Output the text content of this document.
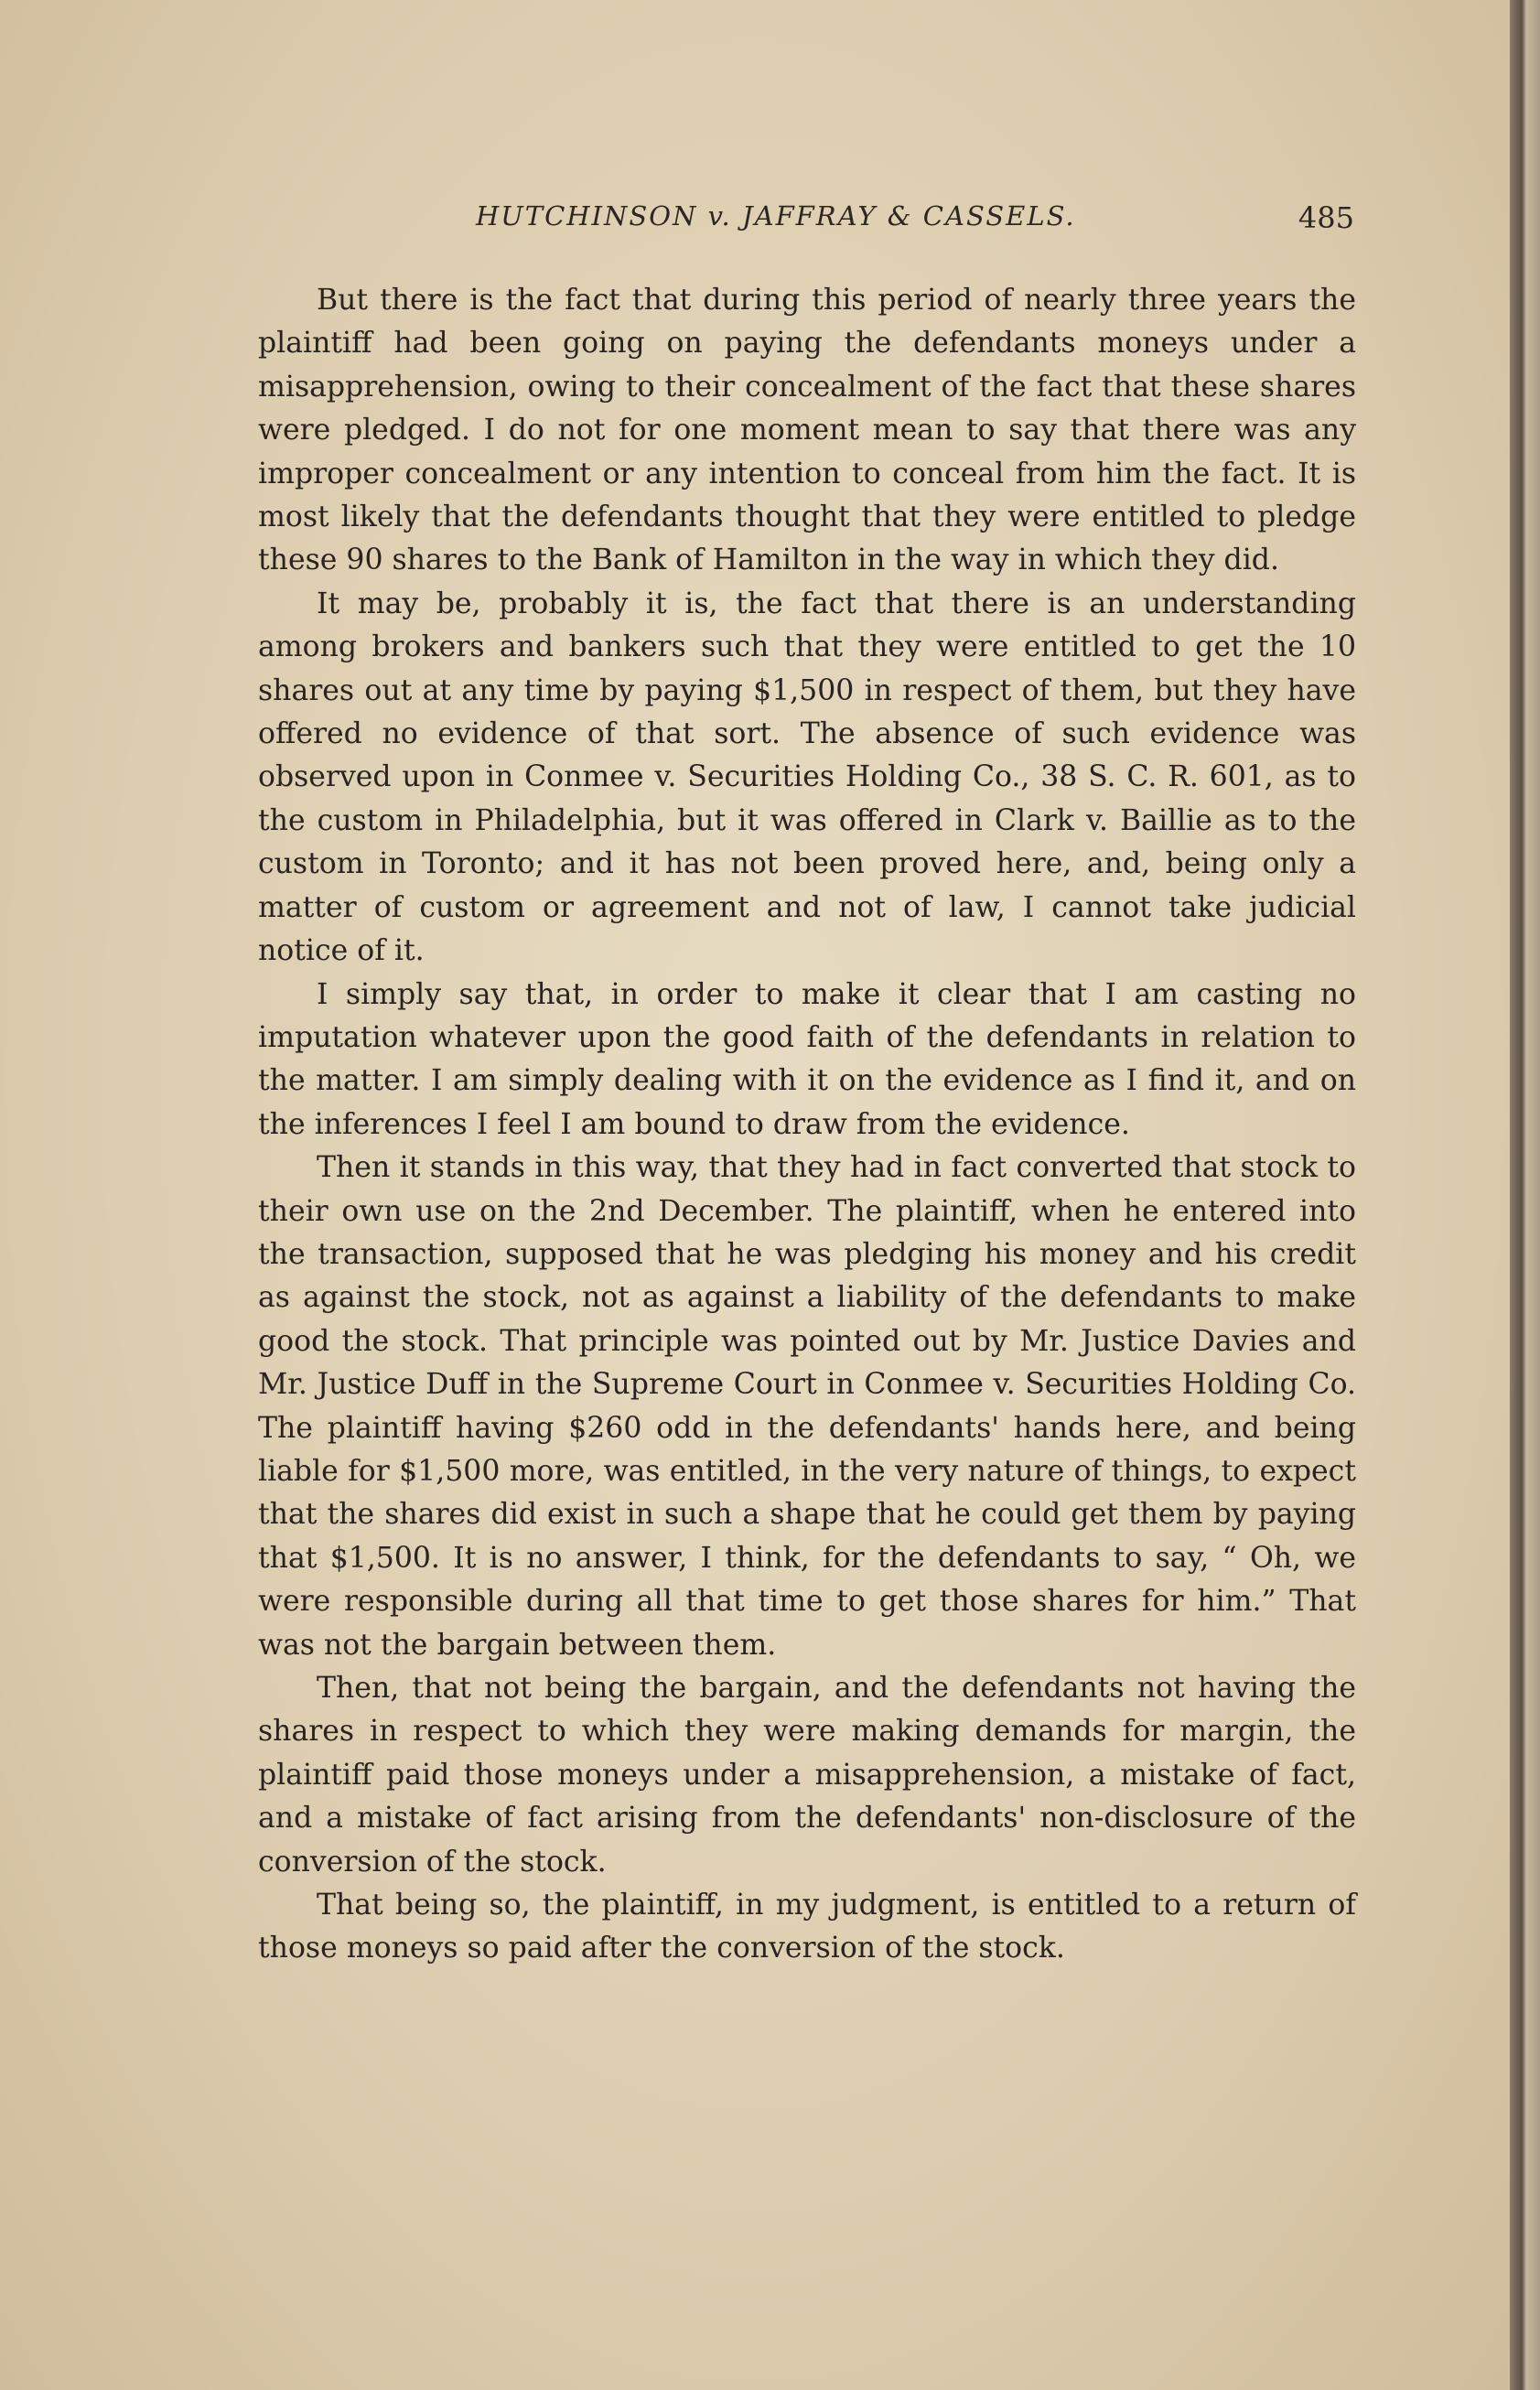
HUTCHINSON v. JAFFRAY & CASSELS.	485

But there is the fact that during this period of nearly three years the plaintiff had been going on paying the defendants moneys under a misapprehension, owing to their concealment of the fact that these shares were pledged. I do not for one moment mean to say that there was any improper concealment or any intention to conceal from him the fact. It is most likely that the defendants thought that they were entitled to pledge these 90 shares to the Bank of Hamilton in the way in which they did.

It may be, probably it is, the fact that there is an understanding among brokers and bankers such that they were entitled to get the 10 shares out at any time by paying $1,500 in respect of them, but they have offered no evidence of that sort. The absence of such evidence was observed upon in Conmee v. Securities Holding Co., 38 S. C. R. 601, as to the custom in Philadelphia, but it was offered in Clark v. Baillie as to the custom in Toronto; and it has not been proved here, and, being only a matter of custom or agreement and not of law, I cannot take judicial notice of it.

I simply say that, in order to make it clear that I am casting no imputation whatever upon the good faith of the defendants in relation to the matter. I am simply dealing with it on the evidence as I find it, and on the inferences I feel I am bound to draw from the evidence.

Then it stands in this way, that they had in fact converted that stock to their own use on the 2nd December. The plaintiff, when he entered into the transaction, supposed that he was pledging his money and his credit as against the stock, not as against a liability of the defendants to make good the stock. That principle was pointed out by Mr. Justice Davies and Mr. Justice Duff in the Supreme Court in Conmee v. Securities Holding Co. The plaintiff having $260 odd in the defendants' hands here, and being liable for $1,500 more, was entitled, in the very nature of things, to expect that the shares did exist in such a shape that he could get them by paying that $1,500. It is no answer, I think, for the defendants to say, “ Oh, we were responsible during all that time to get those shares for him.” That was not the bargain between them.

Then, that not being the bargain, and the defendants not having the shares in respect to which they were making demands for margin, the plaintiff paid those moneys under a misapprehension, a mistake of fact, and a mistake of fact arising from the defendants' non-disclosure of the conversion of the stock.

That being so, the plaintiff, in my judgment, is entitled to a return of those moneys so paid after the conversion of the stock.
